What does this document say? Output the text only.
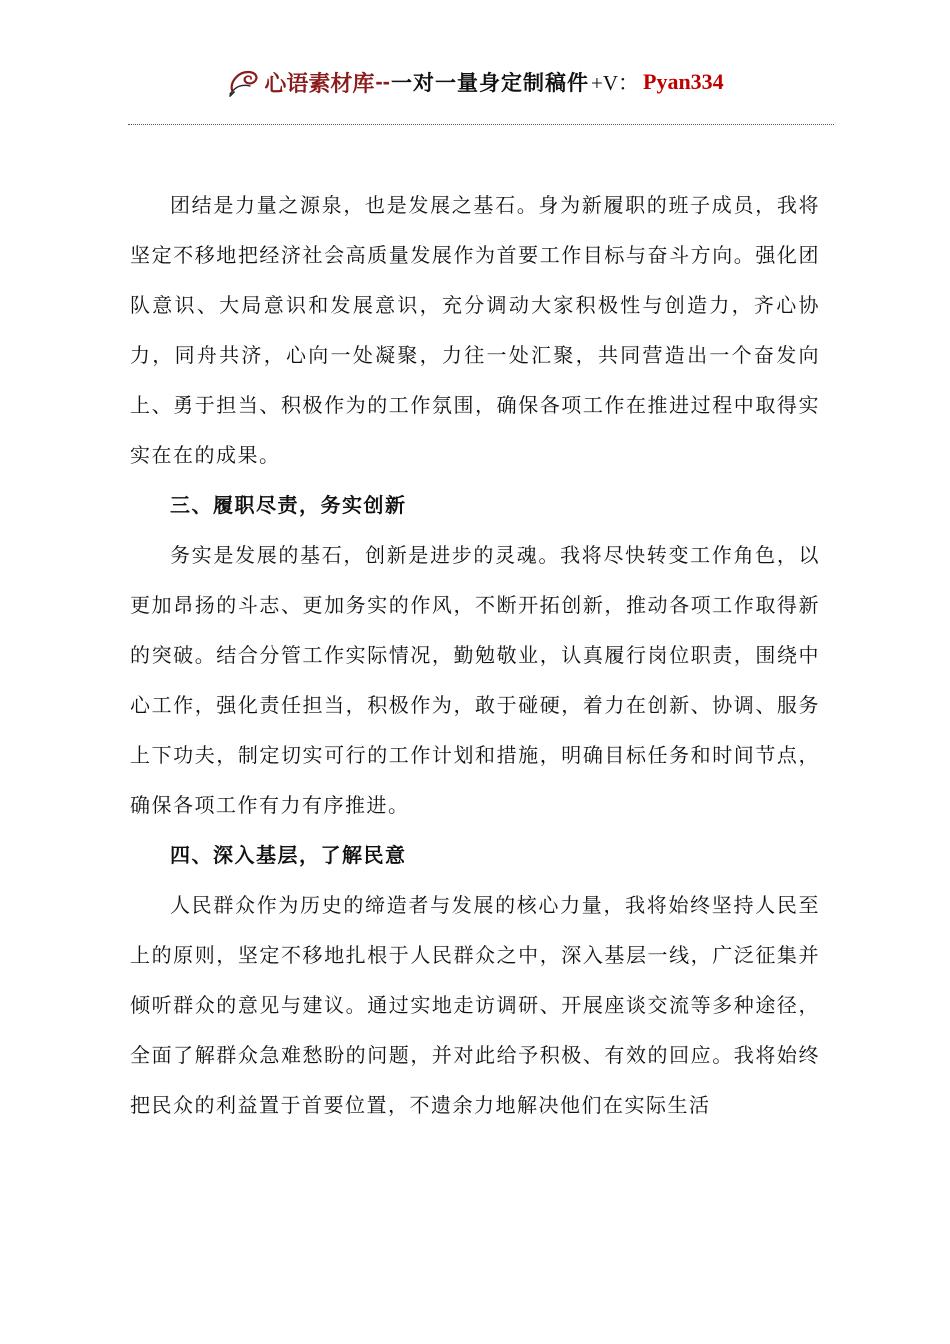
心语素材库 -- 一对一量身定制稿件 +V： Pyan334

团结是力量之源泉，也是发展之基石。身为新履职的班子成员，我将坚定不移地把经济社会高质量发展作为首要工作目标与奋斗方向。强化团队意识、大局意识和发展意识，充分调动大家积极性与创造力，齐心协力，同舟共济，心向一处凝聚，力往一处汇聚，共同营造出一个奋发向上、勇于担当、积极作为的工作氛围，确保各项工作在推进过程中取得实实在在的成果。

三、履职尽责，务实创新

务实是发展的基石，创新是进步的灵魂。我将尽快转变工作角色，以更加昂扬的斗志、更加务实的作风，不断开拓创新，推动各项工作取得新的突破。结合分管工作实际情况，勤勉敬业，认真履行岗位职责，围绕中心工作，强化责任担当，积极作为，敢于碰硬，着力在创新、协调、服务上下功夫，制定切实可行的工作计划和措施，明确目标任务和时间节点，确保各项工作有力有序推进。

四、深入基层，了解民意

人民群众作为历史的缔造者与发展的核心力量，我将始终坚持人民至上的原则，坚定不移地扎根于人民群众之中，深入基层一线，广泛征集并倾听群众的意见与建议。通过实地走访调研、开展座谈交流等多种途径，全面了解群众急难愁盼的问题，并对此给予积极、有效的回应。我将始终把民众的利益置于首要位置，不遗余力地解决他们在实际生活
